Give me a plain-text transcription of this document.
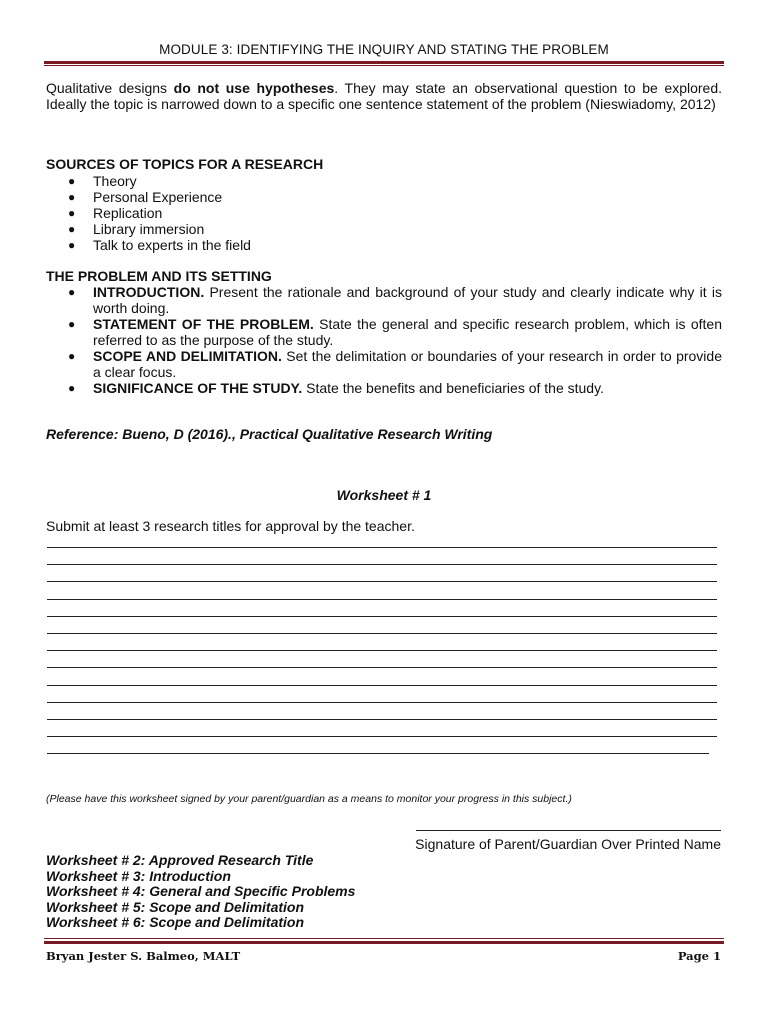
MODULE 3: IDENTIFYING THE INQUIRY AND STATING THE PROBLEM
Qualitative designs do not use hypotheses. They may state an observational question to be explored. Ideally the topic is narrowed down to a specific one sentence statement of the problem (Nieswiadomy, 2012)
SOURCES OF TOPICS FOR A RESEARCH
● Theory
● Personal Experience
● Replication
● Library immersion
● Talk to experts in the field
THE PROBLEM AND ITS SETTING
● INTRODUCTION. Present the rationale and background of your study and clearly indicate why it is worth doing.
● STATEMENT OF THE PROBLEM. State the general and specific research problem, which is often referred to as the purpose of the study.
● SCOPE AND DELIMITATION. Set the delimitation or boundaries of your research in order to provide a clear focus.
● SIGNIFICANCE OF THE STUDY. State the benefits and beneficiaries of the study.
Reference: Bueno, D (2016)., Practical Qualitative Research Writing
Worksheet # 1
Submit at least 3 research titles for approval by the teacher.
(Please have this worksheet signed by your parent/guardian as a means to monitor your progress in this subject.)
Signature of Parent/Guardian Over Printed Name
Worksheet # 2: Approved Research Title
Worksheet # 3: Introduction
Worksheet # 4: General and Specific Problems
Worksheet # 5: Scope and Delimitation
Worksheet # 6: Scope and Delimitation
Bryan Jester S. Balmeo, MALT	Page 1
